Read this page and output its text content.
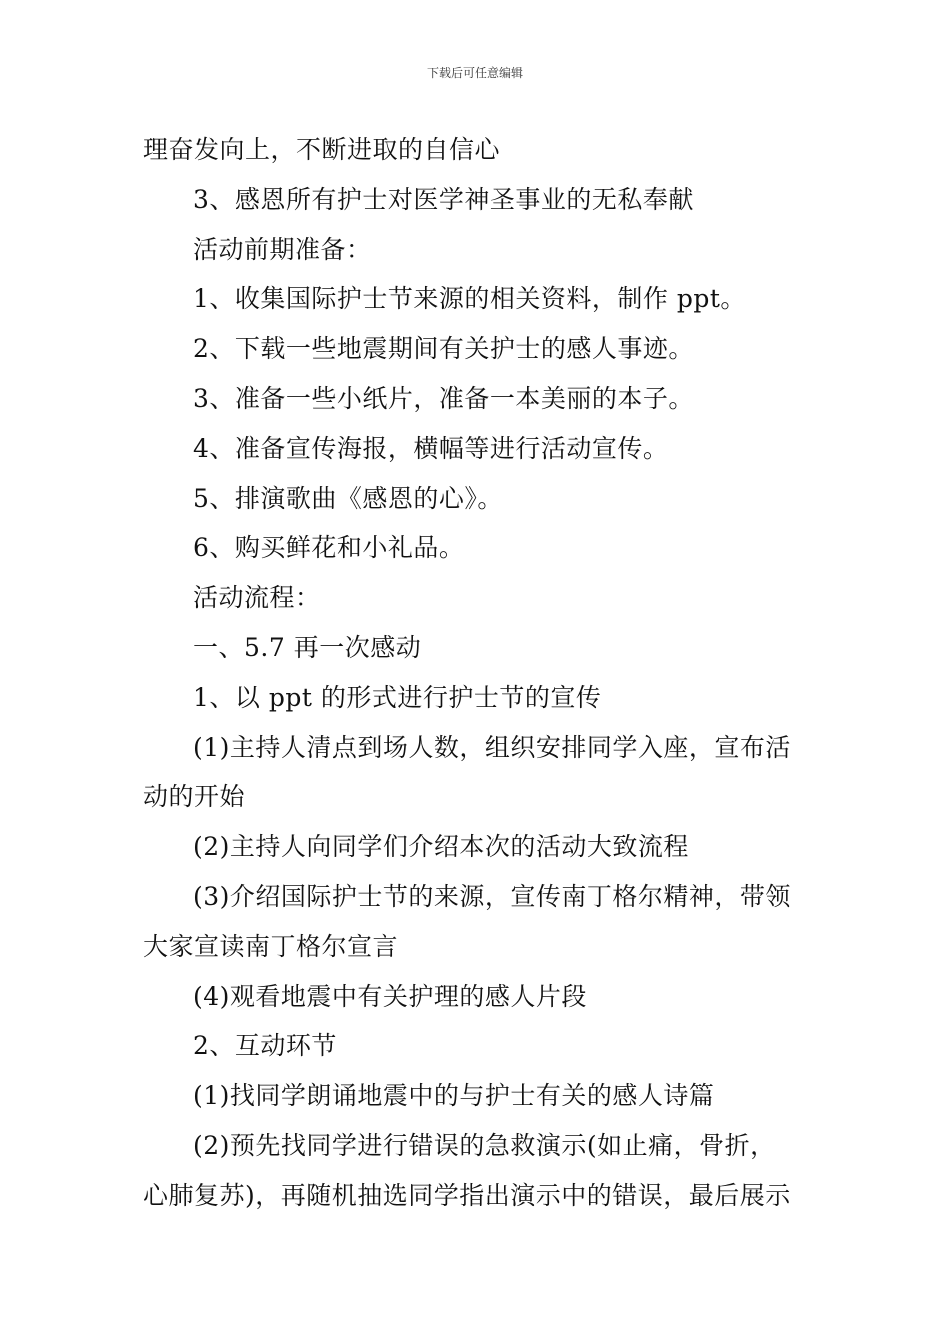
下载后可任意编辑
理奋发向上，不断进取的自信心
3、感恩所有护士对医学神圣事业的无私奉献
活动前期准备：
1、收集国际护士节来源的相关资料，制作 ppt。
2、下载一些地震期间有关护士的感人事迹。
3、准备一些小纸片，准备一本美丽的本子。
4、准备宣传海报，横幅等进行活动宣传。
5、排演歌曲《感恩的心》。
6、购买鲜花和小礼品。
活动流程：
一、5.7 再一次感动
1、以 ppt 的形式进行护士节的宣传
(1)主持人清点到场人数，组织安排同学入座，宣布活
动的开始
(2)主持人向同学们介绍本次的活动大致流程
(3)介绍国际护士节的来源，宣传南丁格尔精神，带领
大家宣读南丁格尔宣言
(4)观看地震中有关护理的感人片段
2、互动环节
(1)找同学朗诵地震中的与护士有关的感人诗篇
(2)预先找同学进行错误的急救演示(如止痛，骨折，
心肺复苏)，再随机抽选同学指出演示中的错误，最后展示
